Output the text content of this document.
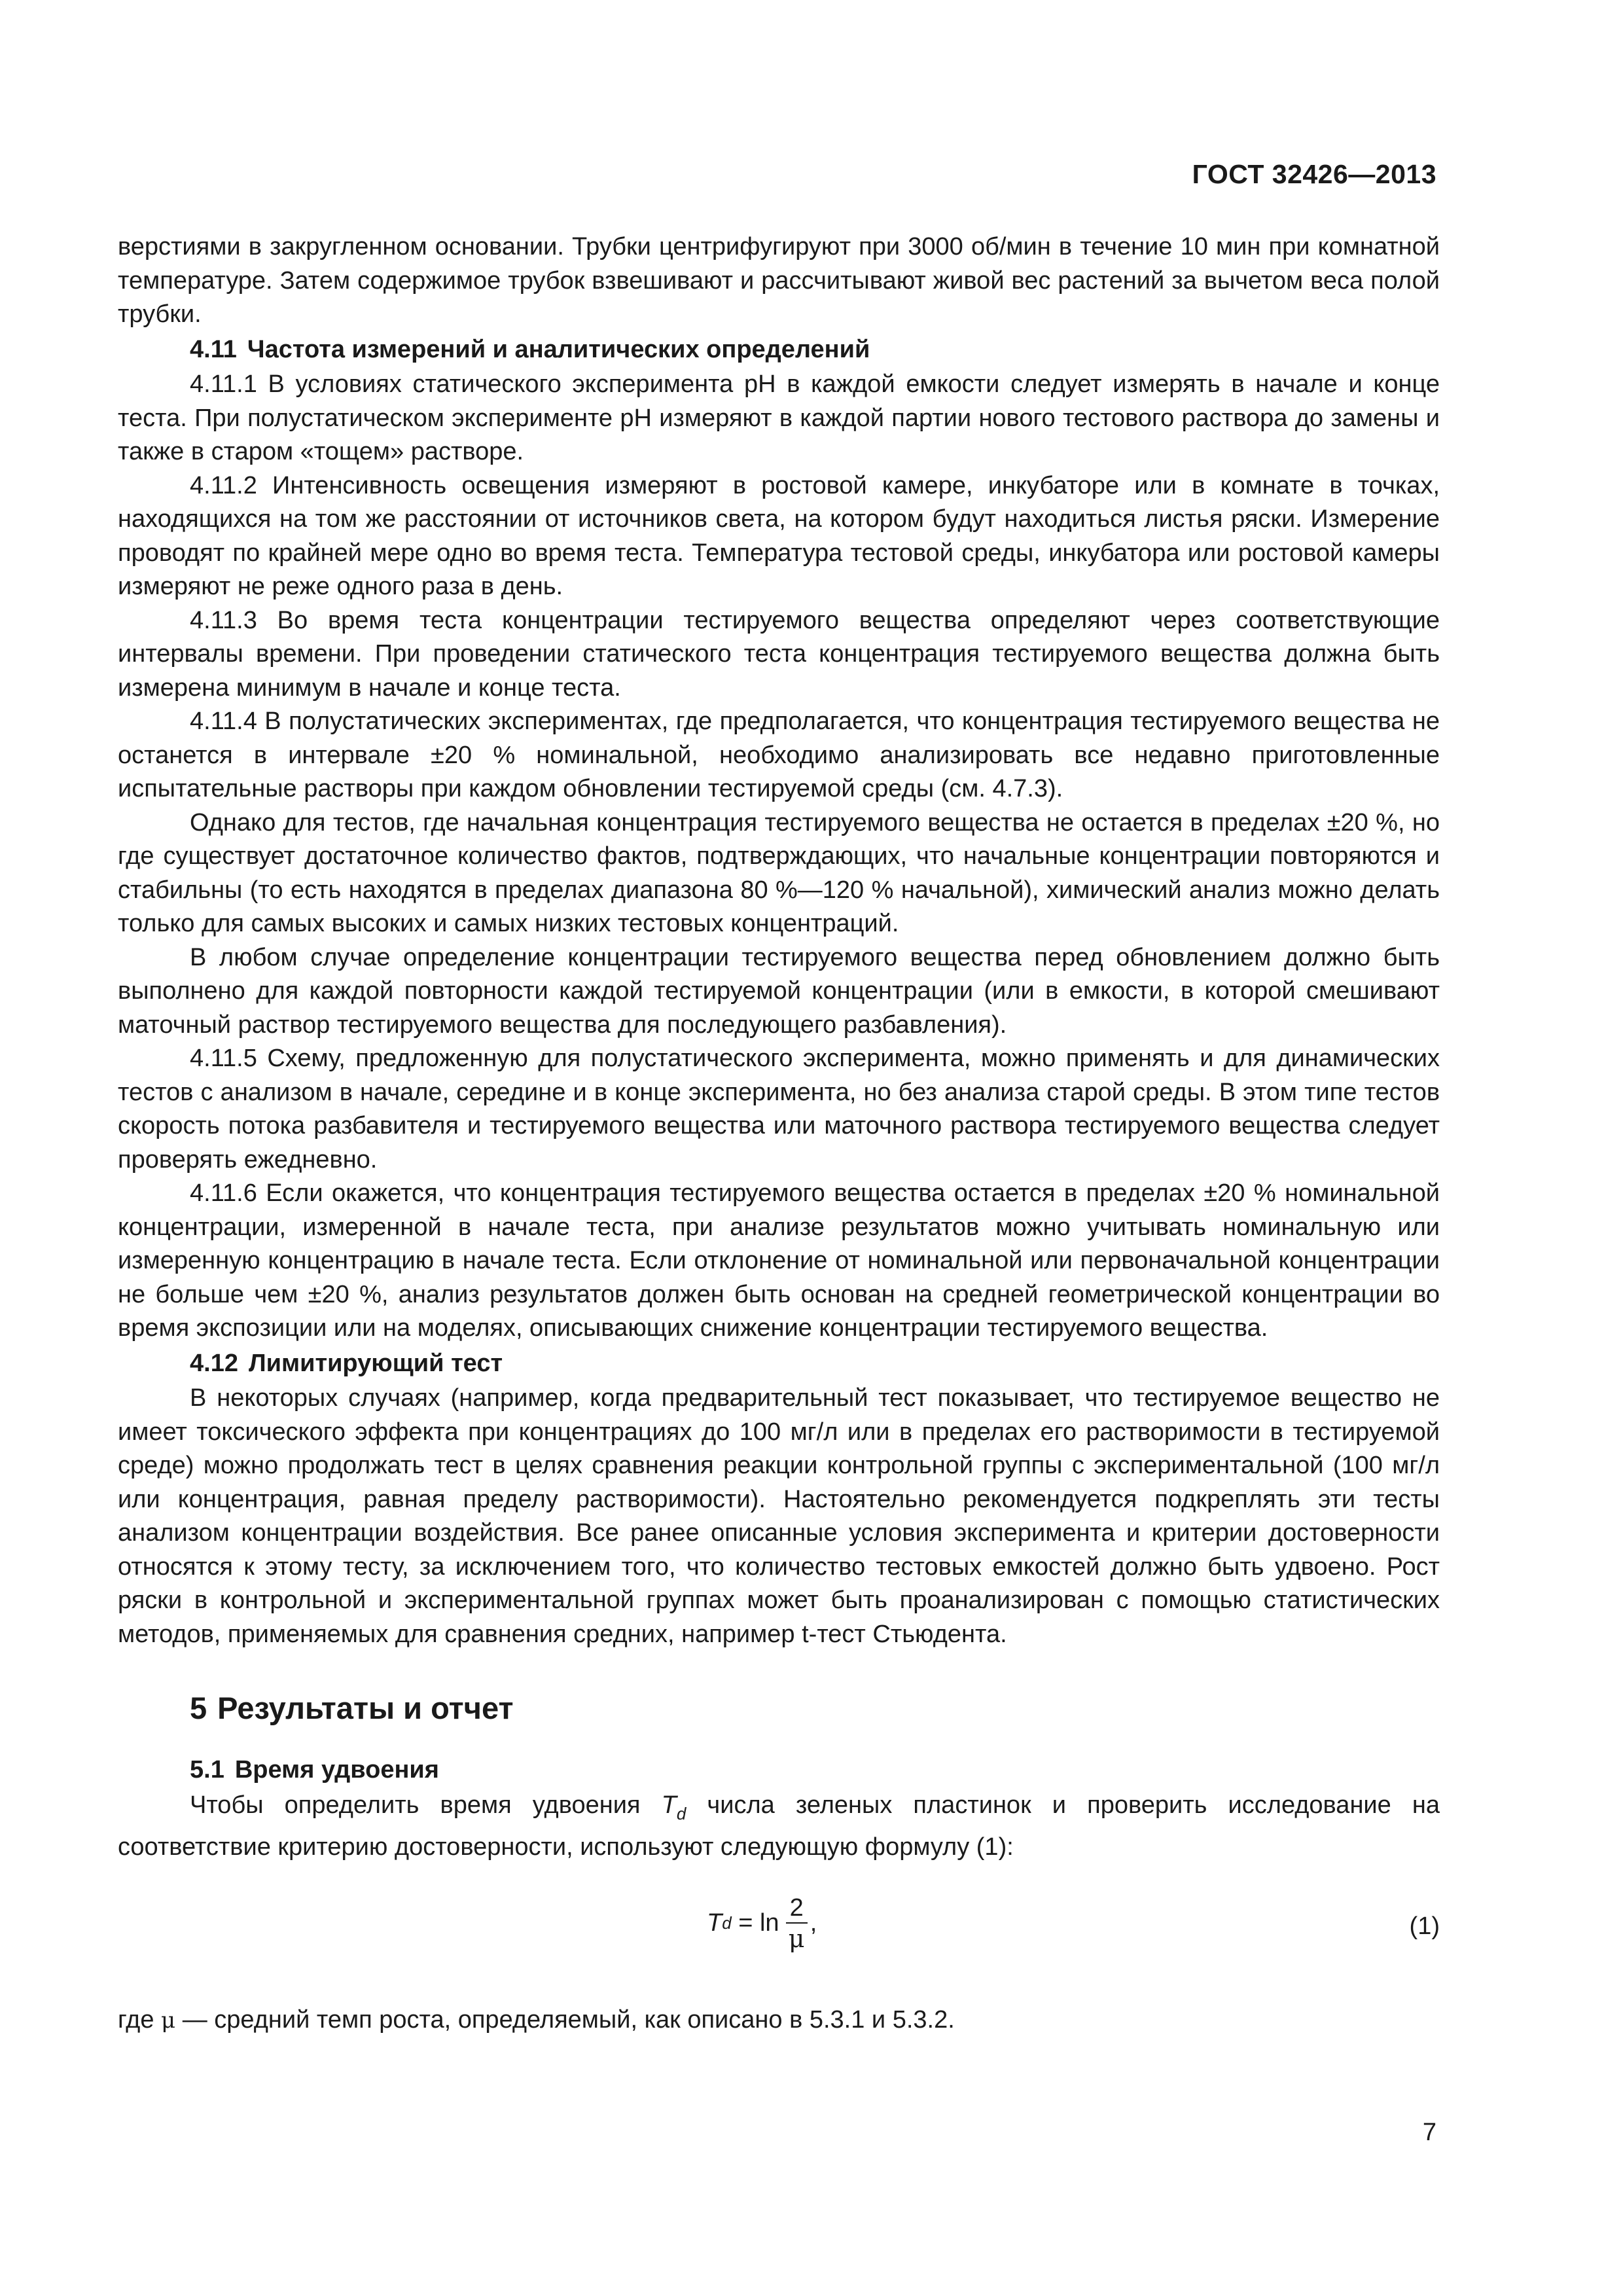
ГОСТ 32426—2013

верстиями в закругленном основании. Трубки центрифугируют при 3000 об/мин в течение 10 мин при комнатной температуре. Затем содержимое трубок взвешивают и рассчитывают живой вес растений за вычетом веса полой трубки.

4.11 Частота измерений и аналитических определений

4.11.1 В условиях статического эксперимента pH в каждой емкости следует измерять в начале и конце теста. При полустатическом эксперименте pH измеряют в каждой партии нового тестового раствора до замены и также в старом «тощем» растворе.

4.11.2 Интенсивность освещения измеряют в ростовой камере, инкубаторе или в комнате в точках, находящихся на том же расстоянии от источников света, на котором будут находиться листья ряски. Измерение проводят по крайней мере одно во время теста. Температура тестовой среды, инкубатора или ростовой камеры измеряют не реже одного раза в день.

4.11.3 Во время теста концентрации тестируемого вещества определяют через соответствующие интервалы времени. При проведении статического теста концентрация тестируемого вещества должна быть измерена минимум в начале и конце теста.

4.11.4 В полустатических экспериментах, где предполагается, что концентрация тестируемого вещества не останется в интервале ±20 % номинальной, необходимо анализировать все недавно приготовленные испытательные растворы при каждом обновлении тестируемой среды (см. 4.7.3).

Однако для тестов, где начальная концентрация тестируемого вещества не остается в пределах ±20 %, но где существует достаточное количество фактов, подтверждающих, что начальные концентрации повторяются и стабильны (то есть находятся в пределах диапазона 80 %—120 % начальной), химический анализ можно делать только для самых высоких и самых низких тестовых концентраций.

В любом случае определение концентрации тестируемого вещества перед обновлением должно быть выполнено для каждой повторности каждой тестируемой концентрации (или в емкости, в которой смешивают маточный раствор тестируемого вещества для последующего разбавления).

4.11.5 Схему, предложенную для полустатического эксперимента, можно применять и для динамических тестов с анализом в начале, середине и в конце эксперимента, но без анализа старой среды. В этом типе тестов скорость потока разбавителя и тестируемого вещества или маточного раствора тестируемого вещества следует проверять ежедневно.

4.11.6 Если окажется, что концентрация тестируемого вещества остается в пределах ±20 % номинальной концентрации, измеренной в начале теста, при анализе результатов можно учитывать номинальную или измеренную концентрацию в начале теста. Если отклонение от номинальной или первоначальной концентрации не больше чем ±20 %, анализ результатов должен быть основан на средней геометрической концентрации во время экспозиции или на моделях, описывающих снижение концентрации тестируемого вещества.

4.12 Лимитирующий тест

В некоторых случаях (например, когда предварительный тест показывает, что тестируемое вещество не имеет токсического эффекта при концентрациях до 100 мг/л или в пределах его растворимости в тестируемой среде) можно продолжать тест в целях сравнения реакции контрольной группы с экспериментальной (100 мг/л или концентрация, равная пределу растворимости). Настоятельно рекомендуется подкреплять эти тесты анализом концентрации воздействия. Все ранее описанные условия эксперимента и критерии достоверности относятся к этому тесту, за исключением того, что количество тестовых емкостей должно быть удвоено. Рост ряски в контрольной и экспериментальной группах может быть проанализирован с помощью статистических методов, применяемых для сравнения средних, например t-тест Стьюдента.

5 Результаты и отчет
5.1 Время удвоения

Чтобы определить время удвоения $T_d$ числа зеленых пластинок и проверить исследование на соответствие критерию достоверности, используют следующую формулу (1):

T $d = \ln \frac{2}{\mu}$ ,	(1)

где μ — средний темп роста, определяемый, как описано в 5.3.1 и 5.3.2.

7
